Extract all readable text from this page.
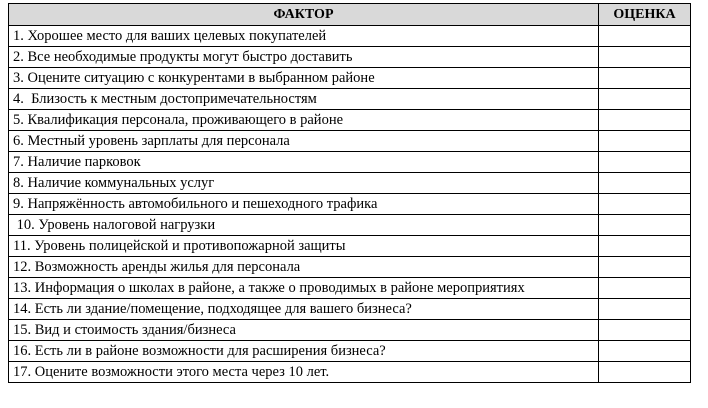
ФАКТОР	ОЦЕНКА
1. Хорошее место для ваших целевых покупателей	
2. Все необходимые продукты могут быстро доставить	
3. Оцените ситуацию с конкурентами в выбранном районе	
4.  Близость к местным достопримечательностям	
5. Квалификация персонала, проживающего в районе	
6. Местный уровень зарплаты для персонала	
7. Наличие парковок	
8. Наличие коммунальных услуг	
9. Напряжённость автомобильного и пешеходного трафика	
10. Уровень налоговой нагрузки	
11. Уровень полицейской и противопожарной защиты	
12. Возможность аренды жилья для персонала	
13. Информация о школах в районе, а также о проводимых в районе мероприятиях	
14. Есть ли здание/помещение, подходящее для вашего бизнеса?	
15. Вид и стоимость здания/бизнеса	
16. Есть ли в районе возможности для расширения бизнеса?	
17. Оцените возможности этого места через 10 лет.	
